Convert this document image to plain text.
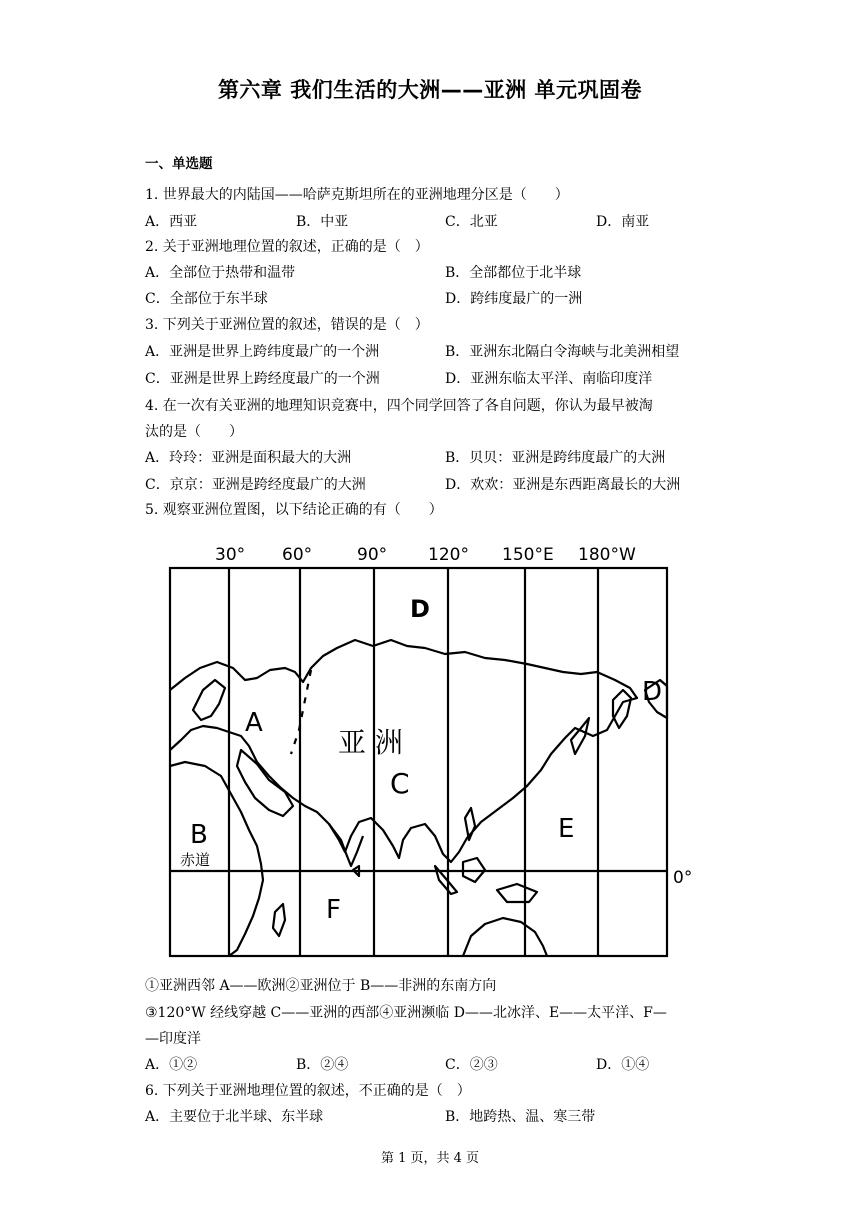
第六章 我们生活的大洲——亚洲 单元巩固卷
一、单选题
1. 世界最大的内陆国——哈萨克斯坦所在的亚洲地理分区是（　　）
A．西亚	B．中亚	C．北亚	D．南亚
2. 关于亚洲地理位置的叙述，正确的是（　）
A．全部位于热带和温带	B．全部都位于北半球
C．全部位于东半球	D．跨纬度最广的一洲
3. 下列关于亚洲位置的叙述，错误的是（　）
A．亚洲是世界上跨纬度最广的一个洲	B．亚洲东北隔白令海峡与北美洲相望
C．亚洲是世界上跨经度最广的一个洲	D．亚洲东临太平洋、南临印度洋
4. 在一次有关亚洲的地理知识竞赛中，四个同学回答了各自问题，你认为最早被淘
汰的是（　　）
A．玲玲：亚洲是面积最大的大洲	B．贝贝：亚洲是跨纬度最广的大洲
C．京京：亚洲是跨经度最广的大洲	D．欢欢：亚洲是东西距离最长的大洲
5. 观察亚洲位置图，以下结论正确的有（　　）
30° 60°	90° 120° 150°E 180°W
A
B
C
D
D
E
F
亚 洲
赤道
0°
①亚洲西邻 A——欧洲②亚洲位于 B——非洲的东南方向
③120°W 经线穿越 C——亚洲的西部④亚洲濒临 D——北冰洋、E——太平洋、F—
—印度洋
A．①②	B．②④	C．②③	D．①④
6. 下列关于亚洲地理位置的叙述，不正确的是（　）
A．主要位于北半球、东半球	B．地跨热、温、寒三带
第 1 页，共 4 页
